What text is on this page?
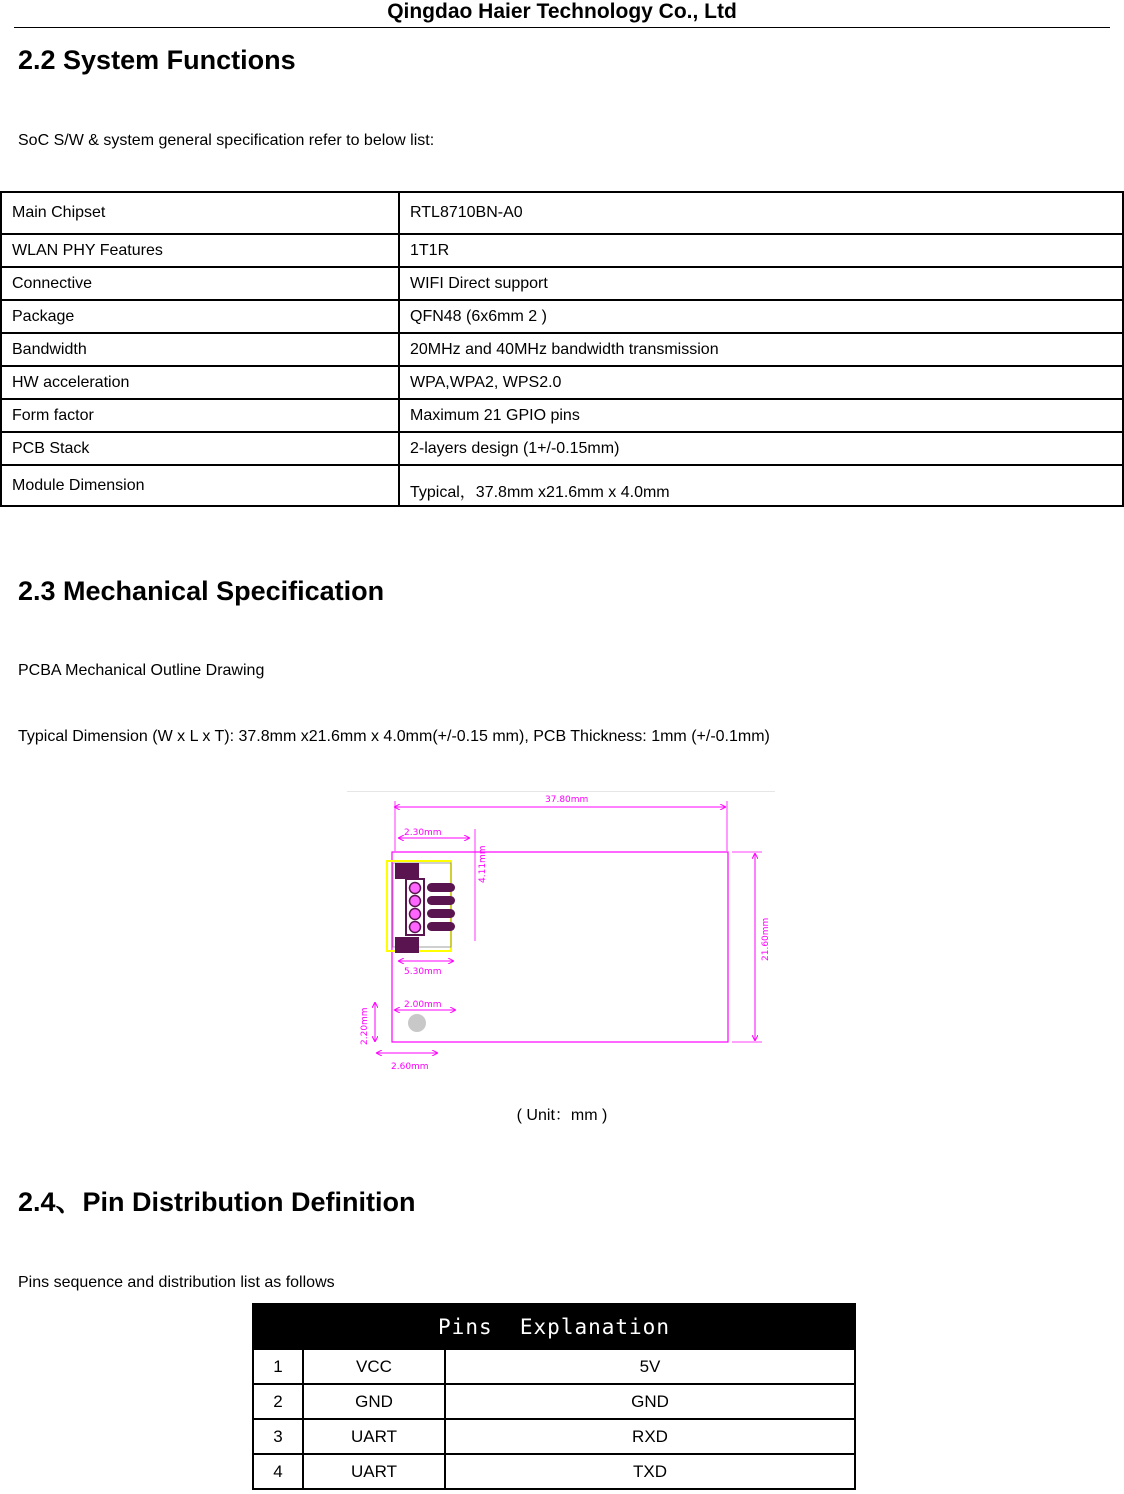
Qingdao Haier Technology Co., Ltd
2.2 System Functions

SoC S/W & system general specification refer to below list:

Main Chipset	RTL8710BN-A0
WLAN PHY Features	1T1R
Connective	WIFI Direct support
Package	QFN48 (6x6mm 2 )
Bandwidth	20MHz and 40MHz bandwidth transmission
HW acceleration	WPA,WPA2, WPS2.0
Form factor	Maximum 21 GPIO pins
PCB Stack	2-layers design (1+/-0.15mm)
Module Dimension	Typical，37.8mm x21.6mm x 4.0mm
2.3 Mechanical Specification

PCBA Mechanical Outline Drawing

Typical Dimension (W x L x T): 37.8mm x21.6mm x 4.0mm(+/-0.15 mm), PCB Thickness: 1mm (+/-0.1mm)

37.80mm
21.60mm
2.30mm
4.11mm
5.30mm
2.00mm
2.20mm
2.60mm
( Unit：mm )
2.4、Pin Distribution Definition

Pins sequence and distribution list as follows

Pins  Explanation		
1	VCC	5V
2	GND	GND
3	UART	RXD
4	UART	TXD
